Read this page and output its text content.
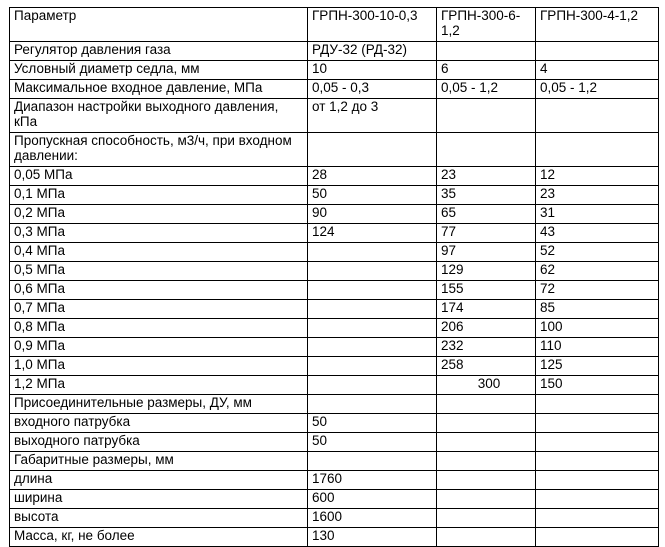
Параметр	ГРПН-300-10-0,3	ГРПН-300-6-1,2	ГРПН-300-4-1,2
Регулятор давления газа	РДУ-32 (РД-32)		
Условный диаметр седла, мм	10	6	4
Максимальное входное давление, МПа	0,05 - 0,3	0,05 - 1,2	0,05 - 1,2
Диапазон настройки выходного давления, кПа	от 1,2 до 3		
Пропускная способность, м3/ч, при входном давлении:			
0,05 МПа	28	23	12
0,1 МПа	50	35	23
0,2 МПа	90	65	31
0,3 МПа	124	77	43
0,4 МПа		97	52
0,5 МПа		129	62
0,6 МПа		155	72
0,7 МПа		174	85
0,8 МПа		206	100
0,9 МПа		232	110
1,0 МПа		258	125
1,2 МПа		300	150
Присоединительные размеры, ДУ, мм			
входного патрубка	50		
выходного патрубка	50		
Габаритные размеры, мм			
длина	1760		
ширина	600		
высота	1600		
Масса, кг, не более	130		
